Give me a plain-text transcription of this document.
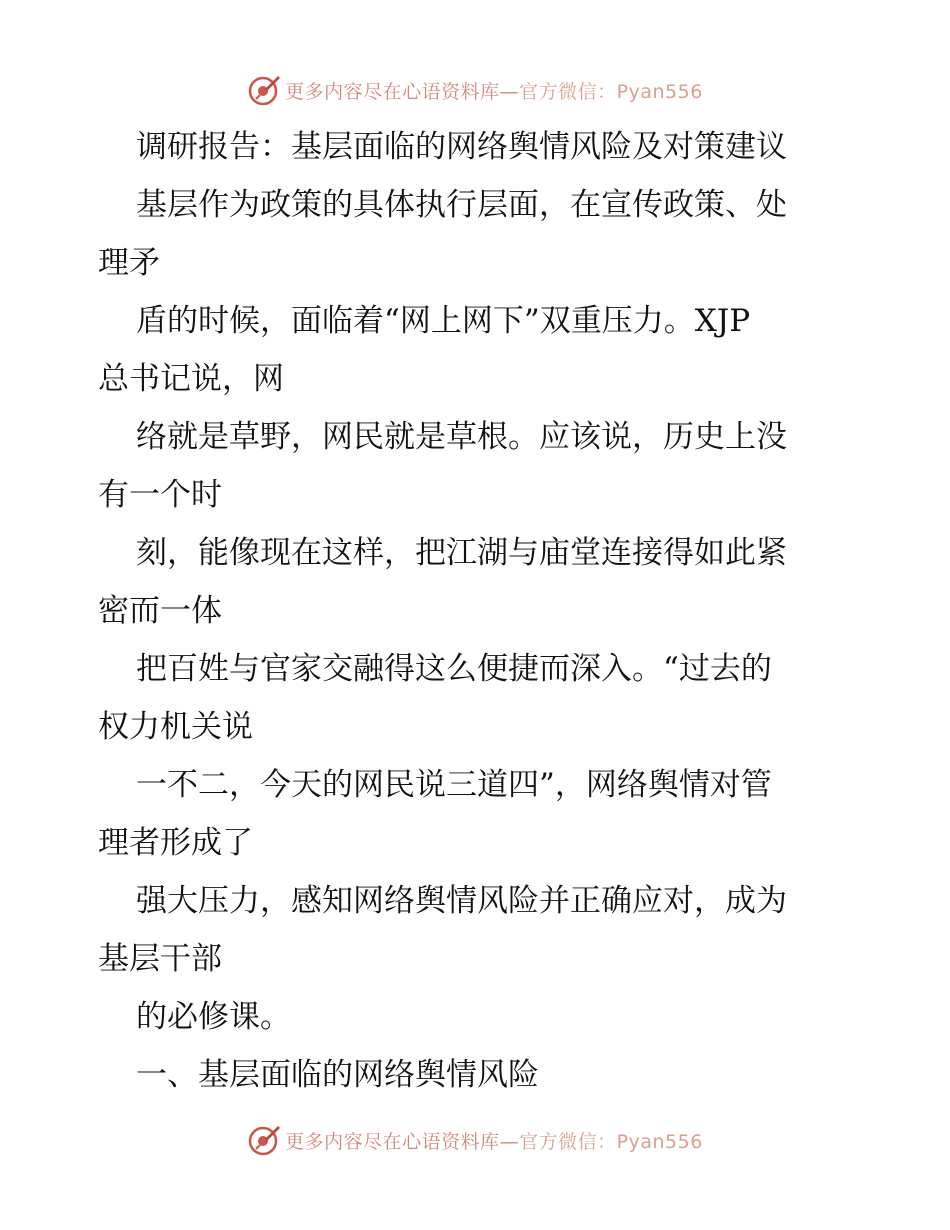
更多内容尽在心语资料库—官方微信：Pyan556
调研报告：基层面临的网络舆情风险及对策建议
基层作为政策的具体执行层面，在宣传政策、处
理矛
盾的时候，面临着“网上网下”双重压力。XJP
总书记说，网
络就是草野，网民就是草根。应该说，历史上没
有一个时
刻，能像现在这样，把江湖与庙堂连接得如此紧
密而一体
把百姓与官家交融得这么便捷而深入。“过去的
权力机关说
一不二，今天的网民说三道四”，网络舆情对管
理者形成了
强大压力，感知网络舆情风险并正确应对，成为
基层干部
的必修课。
一、基层面临的网络舆情风险
更多内容尽在心语资料库—官方微信：Pyan556
